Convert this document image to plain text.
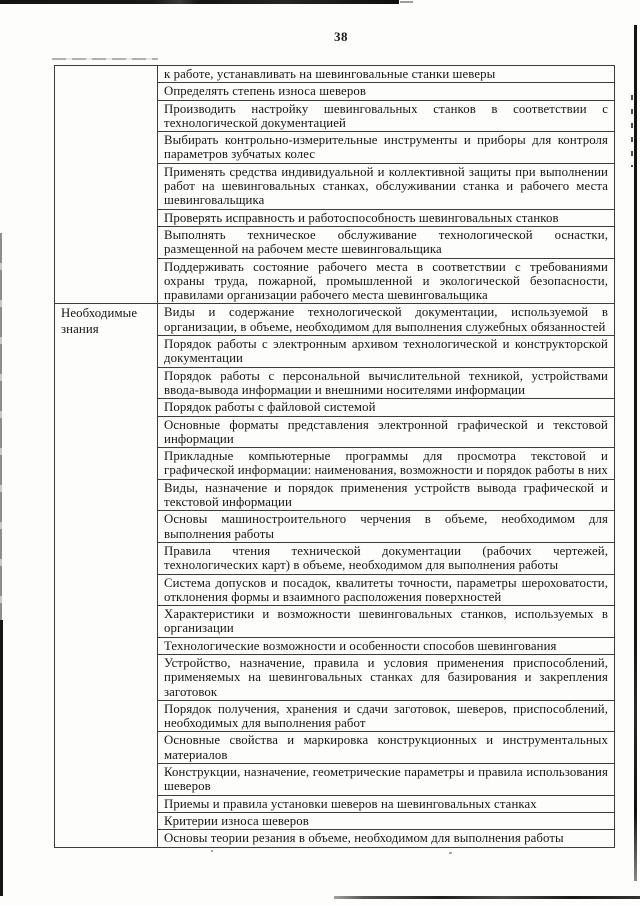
38
	к работе, устанавливать на шевинговальные станки шеверы
	Определять степень износа шеверов
	Производить настройку шевинговальных станков в соответствии с технологической документацией
	Выбирать контрольно-измерительные инструменты и приборы для контроля параметров зубчатых колес
	Применять средства индивидуальной и коллективной защиты при выполнении работ на шевинговальных станках, обслуживании станка и рабочего места шевинговальщика
	Проверять исправность и работоспособность шевинговальных станков
	Выполнять техническое обслуживание технологической оснастки, размещенной на рабочем месте шевинговальщика
	Поддерживать состояние рабочего места в соответствии с требованиями охраны труда, пожарной, промышленной и экологической безопасности, правилами организации рабочего места шевинговальщика
Необходимые знания	Виды и содержание технологической документации, используемой в организации, в объеме, необходимом для выполнения служебных обязанностей
	Порядок работы с электронным архивом технологической и конструкторской документации
	Порядок работы с персональной вычислительной техникой, устройствами ввода-вывода информации и внешними носителями информации
	Порядок работы с файловой системой
	Основные форматы представления электронной графической и текстовой информации
	Прикладные компьютерные программы для просмотра текстовой и графической информации: наименования, возможности и порядок работы в них
	Виды, назначение и порядок применения устройств вывода графической и текстовой информации
	Основы машиностроительного черчения в объеме, необходимом для выполнения работы
	Правила чтения технической документации (рабочих чертежей, технологических карт) в объеме, необходимом для выполнения работы
	Система допусков и посадок, квалитеты точности, параметры шероховатости, отклонения формы и взаимного расположения поверхностей
	Характеристики и возможности шевинговальных станков, используемых в организации
	Технологические возможности и особенности способов шевингования
	Устройство, назначение, правила и условия применения приспособлений, применяемых на шевинговальных станках для базирования и закрепления заготовок
	Порядок получения, хранения и сдачи заготовок, шеверов, приспособлений, необходимых для выполнения работ
	Основные свойства и маркировка конструкционных и инструментальных материалов
	Конструкции, назначение, геометрические параметры и правила использования шеверов
	Приемы и правила установки шеверов на шевинговальных станках
	Критерии износа шеверов
	Основы теории резания в объеме, необходимом для выполнения работы
